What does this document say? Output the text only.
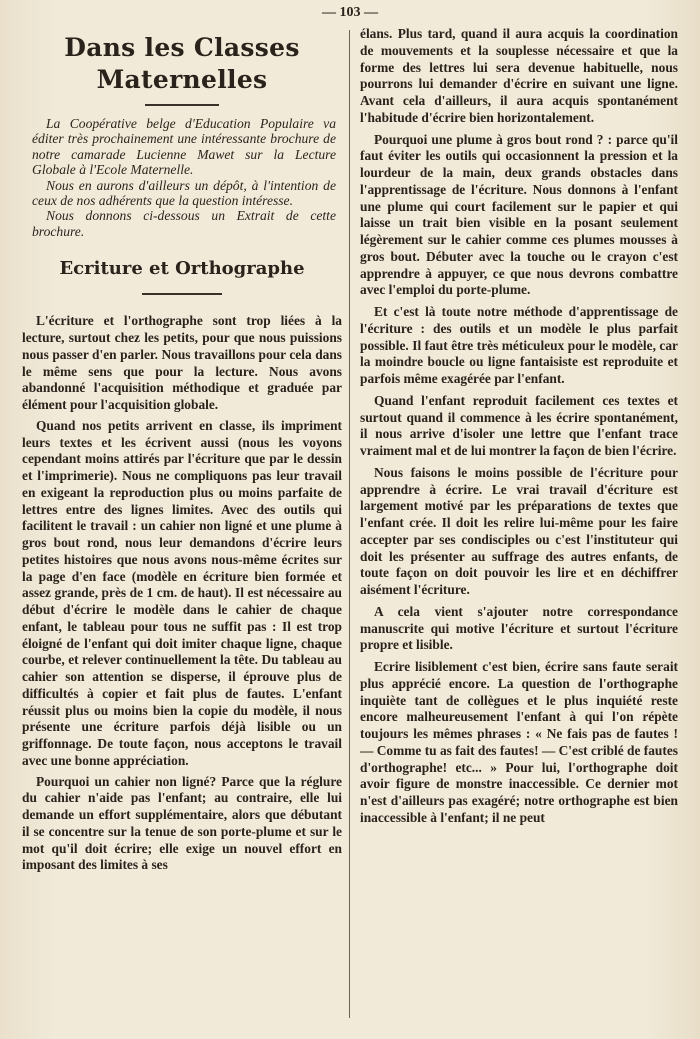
— 103 —
Dans les Classes
Maternelles

La Coopérative belge d'Education Populaire va éditer très prochainement une intéressante brochure de notre camarade Lucienne Mawet sur la Lecture Globale à l'Ecole Maternelle.

Nous en aurons d'ailleurs un dépôt, à l'intention de ceux de nos adhérents que la question intéresse.

Nous donnons ci-dessous un Extrait de cette brochure.

Ecriture et Orthographe

L'écriture et l'orthographe sont trop liées à la lecture, surtout chez les petits, pour que nous puissions nous passer d'en parler. Nous travaillons pour cela dans le même sens que pour la lecture. Nous avons abandonné l'acquisition méthodique et graduée par élément pour l'acquisition globale.

Quand nos petits arrivent en classe, ils impriment leurs textes et les écrivent aussi (nous les voyons cependant moins attirés par l'écriture que par le dessin et l'imprimerie). Nous ne compliquons pas leur travail en exigeant la reproduction plus ou moins parfaite de lettres entre des lignes limites. Avec des outils qui facilitent le travail : un cahier non ligné et une plume à gros bout rond, nous leur demandons d'écrire leurs petites histoires que nous avons nous-même écrites sur la page d'en face (modèle en écriture bien formée et assez grande, près de 1 cm. de haut). Il est nécessaire au début d'écrire le modèle dans le cahier de chaque enfant, le tableau pour tous ne suffit pas : Il est trop éloigné de l'enfant qui doit imiter chaque ligne, chaque courbe, et relever continuellement la tête. Du tableau au cahier son attention se disperse, il éprouve plus de difficultés à copier et fait plus de fautes. L'enfant réussit plus ou moins bien la copie du modèle, il nous présente une écriture parfois déjà lisible ou un griffonnage. De toute façon, nous acceptons le travail avec une bonne appréciation.

Pourquoi un cahier non ligné? Parce que la réglure du cahier n'aide pas l'enfant; au contraire, elle lui demande un effort supplémentaire, alors que débutant il se concentre sur la tenue de son porte-plume et sur le mot qu'il doit écrire; elle exige un nouvel effort en imposant des limites à ses

élans. Plus tard, quand il aura acquis la coordination de mouvements et la souplesse nécessaire et que la forme des lettres lui sera devenue habituelle, nous pourrons lui demander d'écrire en suivant une ligne. Avant cela d'ailleurs, il aura acquis spontanément l'habitude d'écrire bien horizontalement.

Pourquoi une plume à gros bout rond ? : parce qu'il faut éviter les outils qui occasionnent la pression et la lourdeur de la main, deux grands obstacles dans l'apprentissage de l'écriture. Nous donnons à l'enfant une plume qui court facilement sur le papier et qui laisse un trait bien visible en la posant seulement légèrement sur le cahier comme ces plumes mousses à gros bout. Débuter avec la touche ou le crayon c'est apprendre à appuyer, ce que nous devrons combattre avec l'emploi du porte-plume.

Et c'est là toute notre méthode d'apprentissage de l'écriture : des outils et un modèle le plus parfait possible. Il faut être très méticuleux pour le modèle, car la moindre boucle ou ligne fantaisiste est reproduite et parfois même exagérée par l'enfant.

Quand l'enfant reproduit facilement ces textes et surtout quand il commence à les écrire spontanément, il nous arrive d'isoler une lettre que l'enfant trace vraiment mal et de lui montrer la façon de bien l'écrire.

Nous faisons le moins possible de l'écriture pour apprendre à écrire. Le vrai travail d'écriture est largement motivé par les préparations de textes que l'enfant crée. Il doit les relire lui-même pour les faire accepter par ses condisciples ou c'est l'instituteur qui doit les présenter au suffrage des autres enfants, de toute façon on doit pouvoir les lire et en déchiffrer aisément l'écriture.

A cela vient s'ajouter notre correspondance manuscrite qui motive l'écriture et surtout l'écriture propre et lisible.

Ecrire lisiblement c'est bien, écrire sans faute serait plus apprécié encore. La question de l'orthographe inquiète tant de collègues et le plus inquiété reste encore malheureusement l'enfant à qui l'on répète toujours les mêmes phrases : « Ne fais pas de fautes ! — Comme tu as fait des fautes! — C'est criblé de fautes d'orthographe! etc... » Pour lui, l'orthographe doit avoir figure de monstre inaccessible. Ce dernier mot n'est d'ailleurs pas exagéré; notre orthographe est bien inaccessible à l'enfant; il ne peut
